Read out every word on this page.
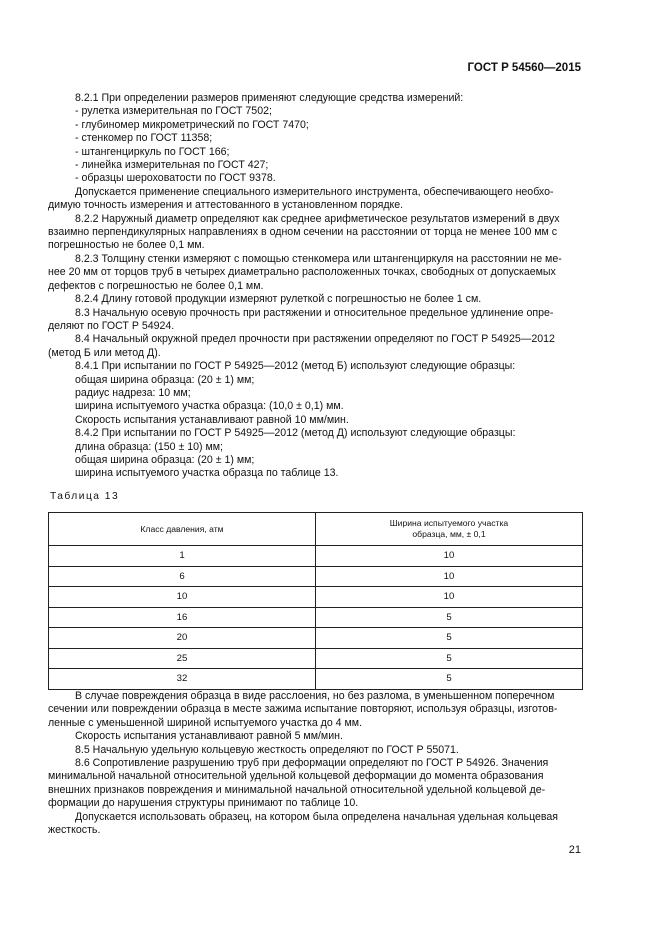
ГОСТ Р 54560—2015

8.2.1 При определении размеров применяют следующие средства измерений:

- рулетка измерительная по ГОСТ 7502;
- глубиномер микрометрический по ГОСТ 7470;
- стенкомер по ГОСТ 11358;
- штангенциркуль по ГОСТ 166;
- линейка измерительная по ГОСТ 427;
- образцы шероховатости по ГОСТ 9378.
Допускается применение специального измерительного инструмента, обеспечивающего необхо-
димую точность измерения и аттестованного в установленном порядке.
8.2.2 Наружный диаметр определяют как среднее арифметическое результатов измерений в двух
взаимно перпендикулярных направлениях в одном сечении на расстоянии от торца не менее 100 мм с
погрешностью не более 0,1 мм.
8.2.3 Толщину стенки измеряют с помощью стенкомера или штангенциркуля на расстоянии не ме-
нее 20 мм от торцов труб в четырех диаметрально расположенных точках, свободных от допускаемых
дефектов с погрешностью не более 0,1 мм.
8.2.4 Длину готовой продукции измеряют рулеткой с погрешностью не более 1 см.
8.3 Начальную осевую прочность при растяжении и относительное предельное удлинение опре-
деляют по ГОСТ Р 54924.
8.4 Начальный окружной предел прочности при растяжении определяют по ГОСТ Р 54925—2012
(метод Б или метод Д).
8.4.1 При испытании по ГОСТ Р 54925—2012 (метод Б) используют следующие образцы:
общая ширина образца: (20 ± 1) мм;
радиус надреза: 10 мм;
ширина испытуемого участка образца: (10,0 ± 0,1) мм.
Скорость испытания устанавливают равной 10 мм/мин.
8.4.2 При испытании по ГОСТ Р 54925—2012 (метод Д) используют следующие образцы:
длина образца: (150 ± 10) мм;
общая ширина образца: (20 ± 1) мм;
ширина испытуемого участка образца по таблице 13.
Таблица 13
Класс давления, атм	Ширина испытуемого участка
образца, мм, ± 0,1

1	10
6	10
10	10
16	5
20	5
25	5
32	5
В случае повреждения образца в виде расслоения, но без разлома, в уменьшенном поперечном
сечении или повреждении образца в месте зажима испытание повторяют, используя образцы, изготов-
ленные с уменьшенной шириной испытуемого участка до 4 мм.
Скорость испытания устанавливают равной 5 мм/мин.
8.5 Начальную удельную кольцевую жесткость определяют по ГОСТ Р 55071.
8.6 Сопротивление разрушению труб при деформации определяют по ГОСТ Р 54926. Значения
минимальной начальной относительной удельной кольцевой деформации до момента образования
внешних признаков повреждения и минимальной начальной относительной удельной кольцевой де-
формации до нарушения структуры принимают по таблице 10.
Допускается использовать образец, на котором была определена начальная удельная кольцевая
жесткость.
21
